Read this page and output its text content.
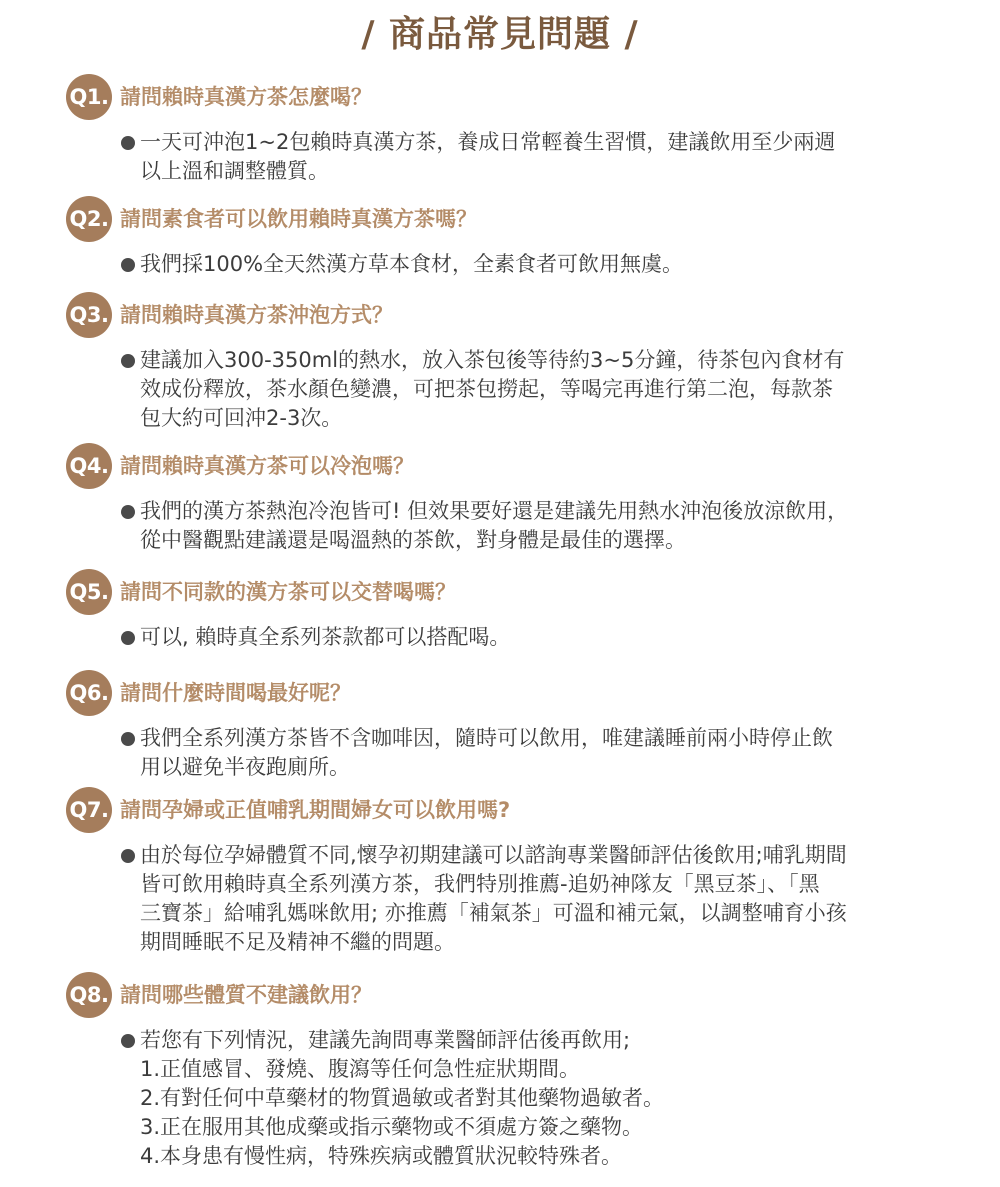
/ 商品常見問題 /
Q1. 請問賴時真漢方茶怎麼喝？
一天可沖泡1~2包賴時真漢方茶，養成日常輕養生習慣，建議飲用至少兩週
以上溫和調整體質。
Q2. 請問素食者可以飲用賴時真漢方茶嗎？
我們採100%全天然漢方草本食材，全素食者可飲用無虞。
Q3. 請問賴時真漢方茶沖泡方式？
建議加入300-350ml的熱水，放入茶包後等待約3~5分鐘，待茶包內食材有
效成份釋放，茶水顏色變濃，可把茶包撈起，等喝完再進行第二泡，每款茶
包大約可回沖2-3次。
Q4. 請問賴時真漢方茶可以冷泡嗎？
我們的漢方茶熱泡冷泡皆可! 但效果要好還是建議先用熱水沖泡後放涼飲用，
從中醫觀點建議還是喝溫熱的茶飲，對身體是最佳的選擇。
Q5. 請問不同款的漢方茶可以交替喝嗎？
可以, 賴時真全系列茶款都可以搭配喝。
Q6. 請問什麼時間喝最好呢？
我們全系列漢方茶皆不含咖啡因，隨時可以飲用，唯建議睡前兩小時停止飲
用以避免半夜跑廁所。
Q7. 請問孕婦或正值哺乳期間婦女可以飲用嗎?
由於每位孕婦體質不同,懷孕初期建議可以諮詢專業醫師評估後飲用;哺乳期間
皆可飲用賴時真全系列漢方茶，我們特別推薦-追奶神隊友「黑豆茶」、「黑
三寶茶」給哺乳媽咪飲用; 亦推薦「補氣茶」可溫和補元氣，以調整哺育小孩
期間睡眠不足及精神不繼的問題。
Q8. 請問哪些體質不建議飲用？
若您有下列情況，建議先詢問專業醫師評估後再飲用;
1.正值感冒、發燒、腹瀉等任何急性症狀期間。
2.有對任何中草藥材的物質過敏或者對其他藥物過敏者。
3.正在服用其他成藥或指示藥物或不須處方簽之藥物。
4.本身患有慢性病，特殊疾病或體質狀況較特殊者。
